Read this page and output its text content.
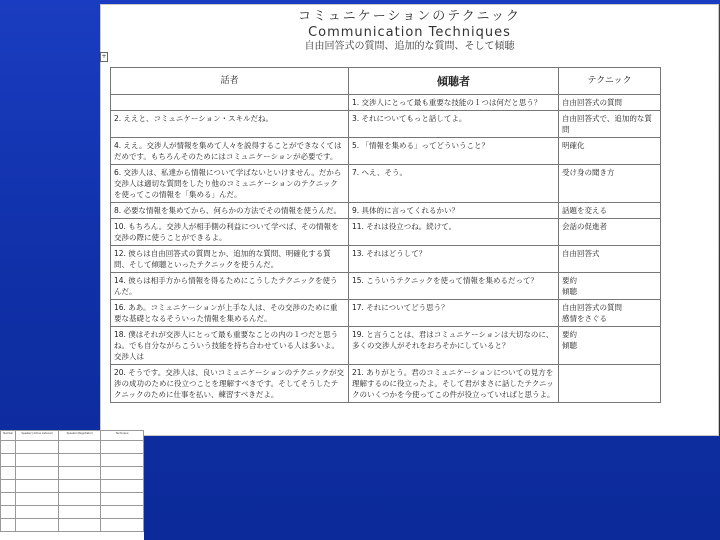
コミュニケーションのテクニック
Communication Techniques
自由回答式の質問、追加的な質問、そして傾聴
話者	傾聴者	テクニック

	1. 交渉人にとって最も重要な技能の１つは何だと思う？	自由回答式の質問

2. ええと、コミュニケーション・スキルだね。	3. それについてもっと話してよ。	自由回答式で、追加的な質問

4. ええ。交渉人が情報を集めて人々を説得することができなくてはだめです。もちろんそのためにはコミュニケーションが必要です。	5. 「情報を集める」ってどういうこと？	明確化

6. 交渉人は、私達から情報について学ばないといけません。だから交渉人は適切な質問をしたり他のコミュニケーションのテクニックを使ってこの情報を「集める」んだ。	7. へえ、そう。	受け身の聞き方

8. 必要な情報を集めてから、何らかの方法でその情報を使うんだ。	9. 具体的に言ってくれるかい？	話題を変える

10. もちろん。交渉人が相手側の利益について学べば、その情報を交渉の際に使うことができるよ。	11. それは役立つね。続けて。	会話の促進者

12. 彼らは自由回答式の質問とか、追加的な質問、明確化する質問、そして傾聴といったテクニックを使うんだ。	13. それはどうして？	自由回答式

14. 彼らは相手方から情報を得るためにこうしたテクニックを使うんだ。	15. こういうテクニックを使って情報を集めるだって？	要約
傾聴

16. ああ。コミュニケーションが上手な人は、その交渉のために重要な基礎となるそういった情報を集めるんだ。	17. それについてどう思う？	自由回答式の質問
感情をさぐる

18. 僕はそれが交渉人にとって最も重要なことの内の１つだと思うね。でも自分ながらこういう技能を持ち合わせている人は多いよ。交渉人は	19. と言うことは、君はコミュニケーションは大切なのに、多くの交渉人がそれをおろそかにしていると？	要約
傾聴

20. そうです。交渉人は、良いコミュニケーションのテクニックが交渉の成功のために役立つことを理解すべきです。そしてそうしたテクニックのために仕事を払い、練習すべきだよ。	21. ありがとう。君のコミュニケーションについての見方を理解するのに役立ったよ。そして君がまさに話したテクニックのいくつかを今使ってこの件が役立っていればと思うよ。	

+
Number	Speaker (Active Listener)	Speaker (Negotiator)	Technique
